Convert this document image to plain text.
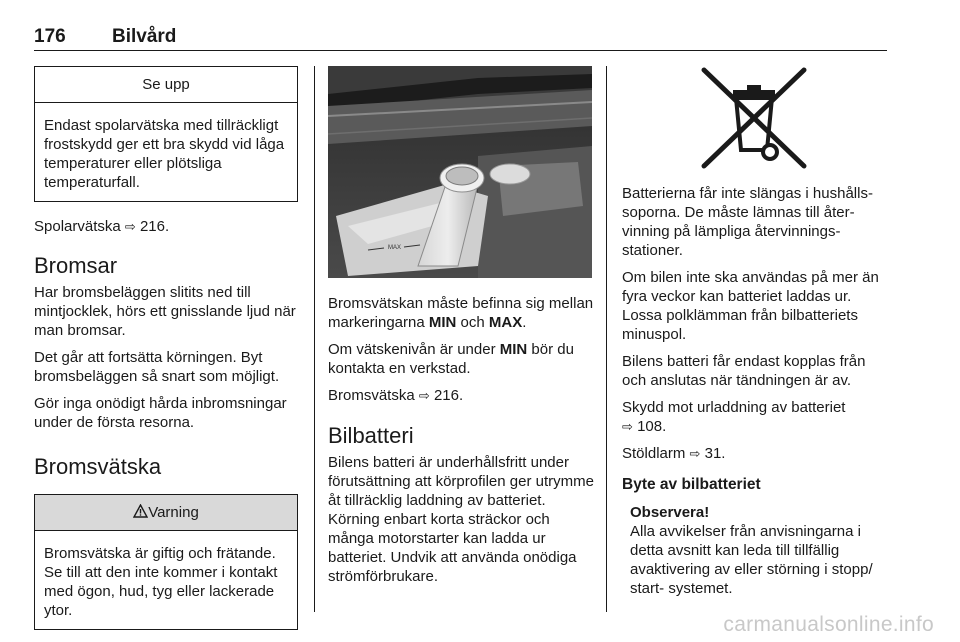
176 Bilvård
Se upp
Endast spolarvätska med tillräckligt frostskydd ger ett bra skydd vid låga temperaturer eller plötsliga temperaturfall.

Spolarvätska ⇨ 216.

Bromsar

Har bromsbeläggen slitits ned till mintjocklek, hörs ett gnisslande ljud när man bromsar.

Det går att fortsätta körningen. Byt bromsbeläggen så snart som möjligt.

Gör inga onödigt hårda inbromsningar under de första resorna.

Bromsvätska
Varning
Bromsvätska är giftig och frätande. Se till att den inte kommer i kontakt med ögon, hud, tyg eller lackerade ytor.
MAX

Bromsvätskan måste befinna sig mellan markeringarna MIN och MAX.

Om vätskenivån är under MIN bör du kontakta en verkstad.

Bromsvätska ⇨ 216.

Bilbatteri

Bilens batteri är underhållsfritt under förutsättning att körprofilen ger utrymme åt tillräcklig laddning av batteriet. Körning enbart korta sträckor och många motorstarter kan ladda ur batteriet. Undvik att använda onödiga strömförbrukare.

Batterierna får inte slängas i hushållssoporna. De måste lämnas till återvinning på lämpliga återvinningsstationer.

Om bilen inte ska användas på mer än fyra veckor kan batteriet laddas ur. Lossa polklämman från bilbatteriets minuspol.

Bilens batteri får endast kopplas från och anslutas när tändningen är av.

Skydd mot urladdning av batteriet
⇨ 108.

Stöldlarm ⇨ 31.

Byte av bilbatteriet
Observera!
Alla avvikelser från anvisningarna i detta avsnitt kan leda till tillfällig avaktivering av eller störning i stopp/ start- systemet.
carmanualsonline.info
